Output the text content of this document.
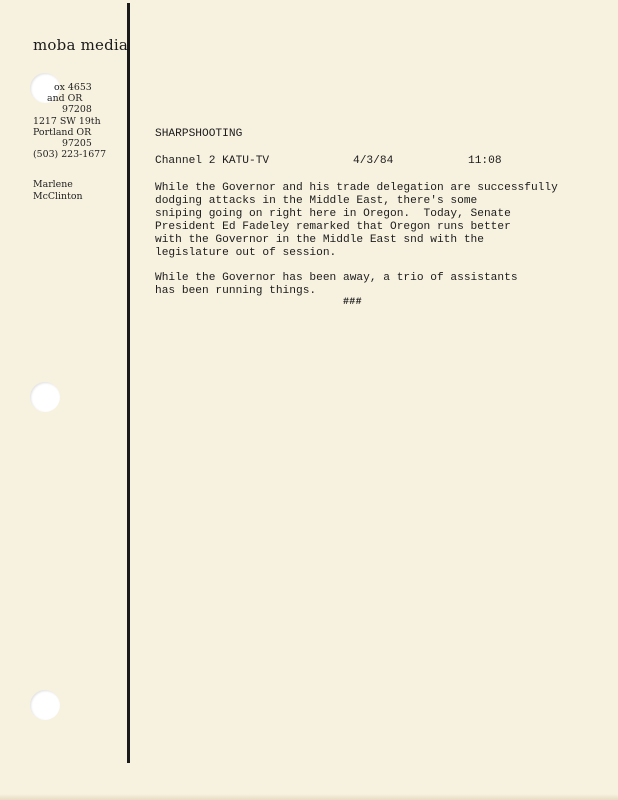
moba media
ox 4653
and OR
97208
1217 SW 19th
Portland OR
97205
(503) 223-1677
Marlene
McClinton
SHARPSHOOTING
Channel 2 KATU-TV	4/3/84	11:08
While the Governor and his trade delegation are successfully
dodging attacks in the Middle East, there's some
sniping going on right here in Oregon.  Today, Senate
President Ed Fadeley remarked that Oregon runs better
with the Governor in the Middle East snd with the
legislature out of session.
While the Governor has been away, a trio of assistants
has been running things.
###
